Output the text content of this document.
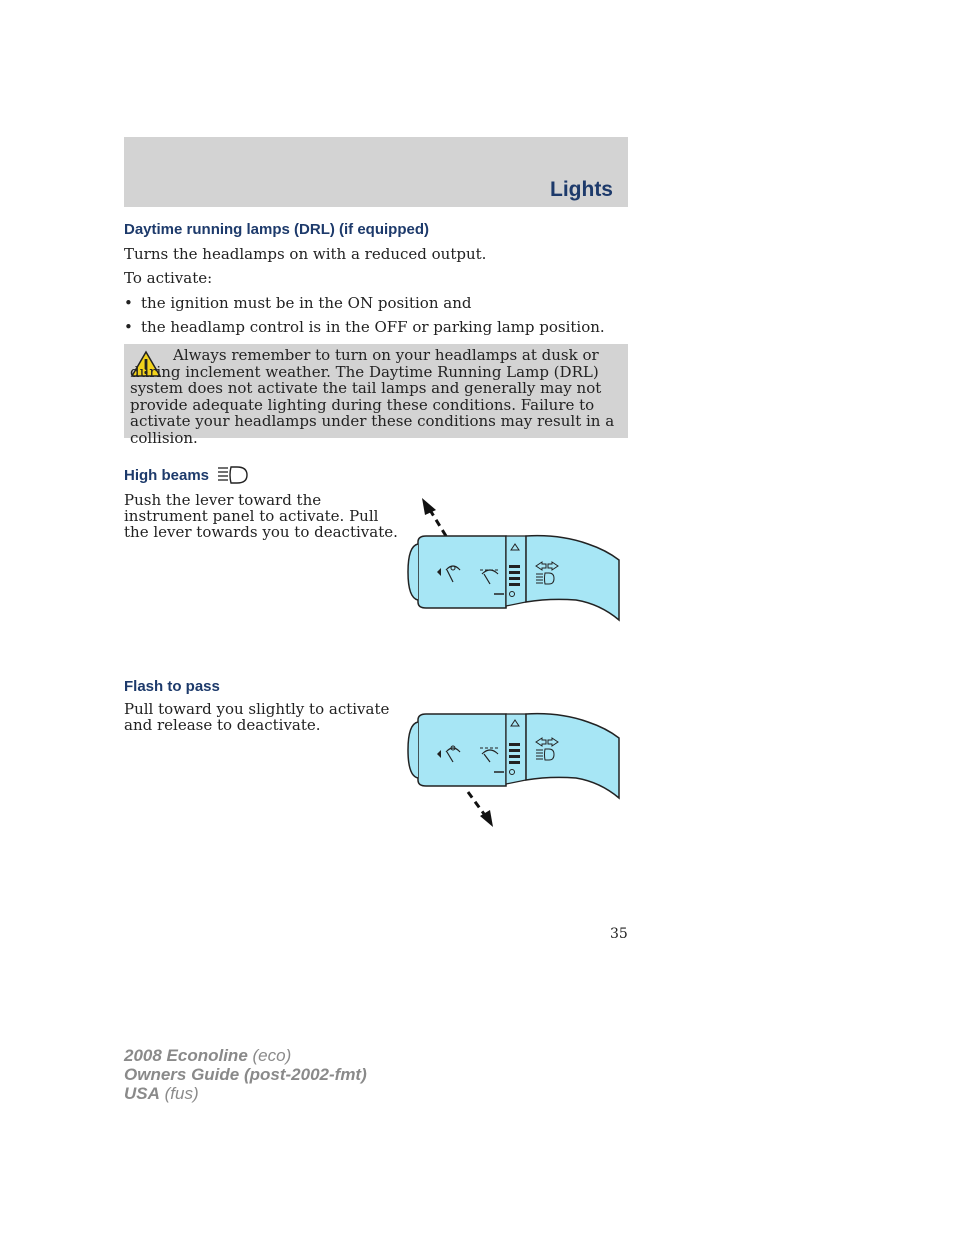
Lights
Daytime running lamps (DRL) (if equipped)
Turns the headlamps on with a reduced output.
To activate:
• the ignition must be in the ON position and
• the headlamp control is in the OFF or parking lamp position.
Always remember to turn on your headlamps at dusk or during inclement weather. The Daytime Running Lamp (DRL) system does not activate the tail lamps and generally may not provide adequate lighting during these conditions. Failure to activate your headlamps under these conditions may result in a collision.
High beams
Push the lever toward the
instrument panel to activate. Pull
the lever towards you to deactivate.
Flash to pass
Pull toward you slightly to activate
and release to deactivate.
35
2008 Econoline (eco)
Owners Guide (post-2002-fmt)
USA (fus)
